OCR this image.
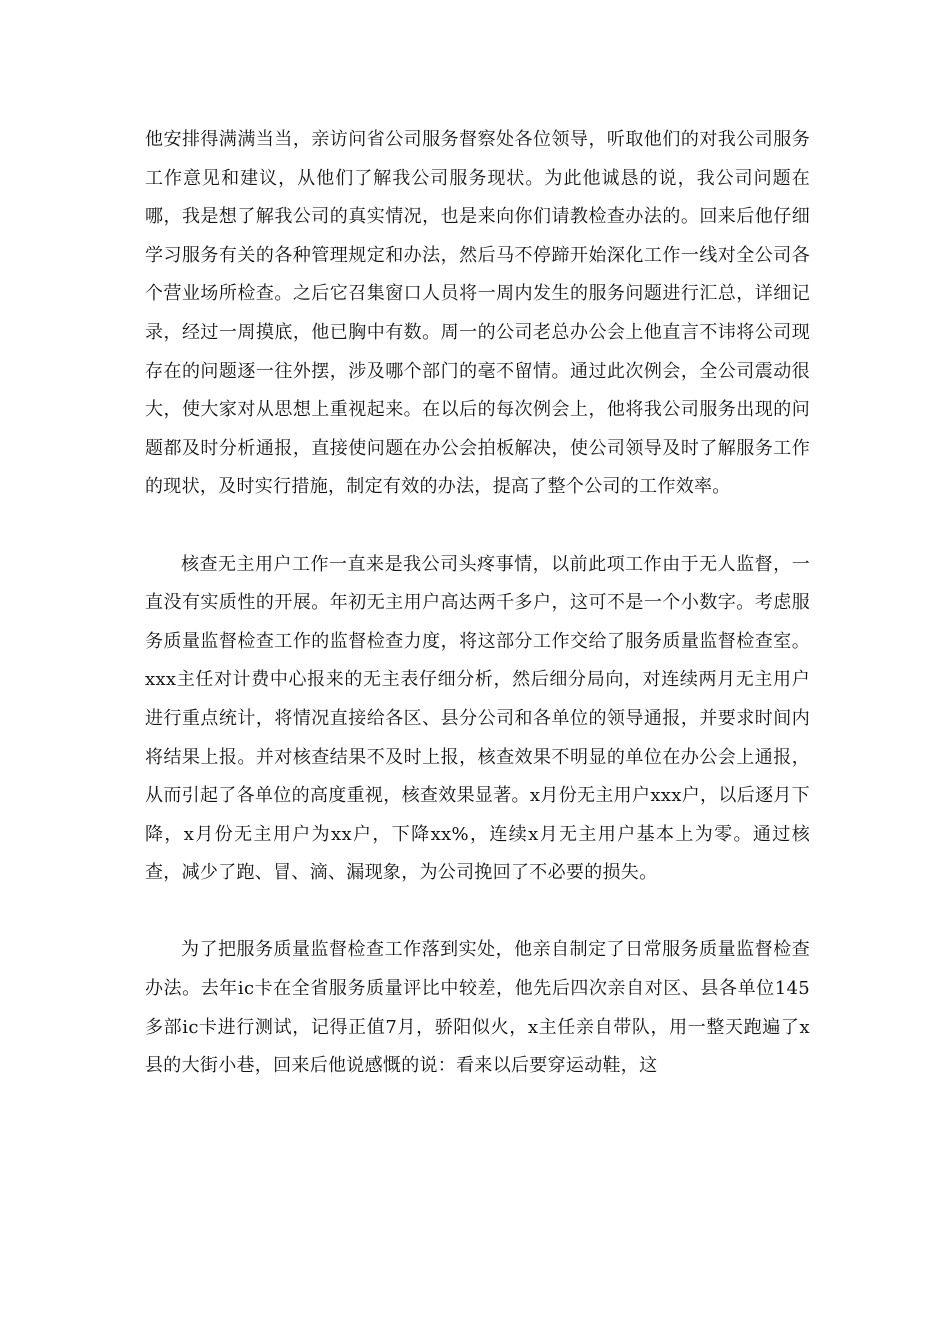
他安排得满满当当，亲访问省公司服务督察处各位领导，听取他们的对我公司服务工作意见和建议，从他们了解我公司服务现状。为此他诚恳的说，我公司问题在哪，我是想了解我公司的真实情况，也是来向你们请教检查办法的。回来后他仔细学习服务有关的各种管理规定和办法，然后马不停蹄开始深化工作一线对全公司各个营业场所检查。之后它召集窗口人员将一周内发生的服务问题进行汇总，详细记录，经过一周摸底，他已胸中有数。周一的公司老总办公会上他直言不讳将公司现存在的问题逐一往外摆，涉及哪个部门的毫不留情。通过此次例会，全公司震动很大，使大家对从思想上重视起来。在以后的每次例会上，他将我公司服务出现的问题都及时分析通报，直接使问题在办公会拍板解决，使公司领导及时了解服务工作的现状，及时实行措施，制定有效的办法，提高了整个公司的工作效率。

核查无主用户工作一直来是我公司头疼事情，以前此项工作由于无人监督，一直没有实质性的开展。年初无主用户高达两千多户，这可不是一个小数字。考虑服务质量监督检查工作的监督检查力度，将这部分工作交给了服务质量监督检查室。xxx主任对计费中心报来的无主表仔细分析，然后细分局向，对连续两月无主用户进行重点统计，将情况直接给各区、县分公司和各单位的领导通报，并要求时间内将结果上报。并对核查结果不及时上报，核查效果不明显的单位在办公会上通报，从而引起了各单位的高度重视，核查效果显著。x月份无主用户xxx户，以后逐月下降，x月份无主用户为xx户，下降xx%，连续x月无主用户基本上为零。通过核查，减少了跑、冒、滴、漏现象，为公司挽回了不必要的损失。

为了把服务质量监督检查工作落到实处，他亲自制定了日常服务质量监督检查办法。去年ic卡在全省服务质量评比中较差，他先后四次亲自对区、县各单位145多部ic卡进行测试，记得正值7月，骄阳似火，x主任亲自带队，用一整天跑遍了x县的大街小巷，回来后他说感慨的说：看来以后要穿运动鞋，这
